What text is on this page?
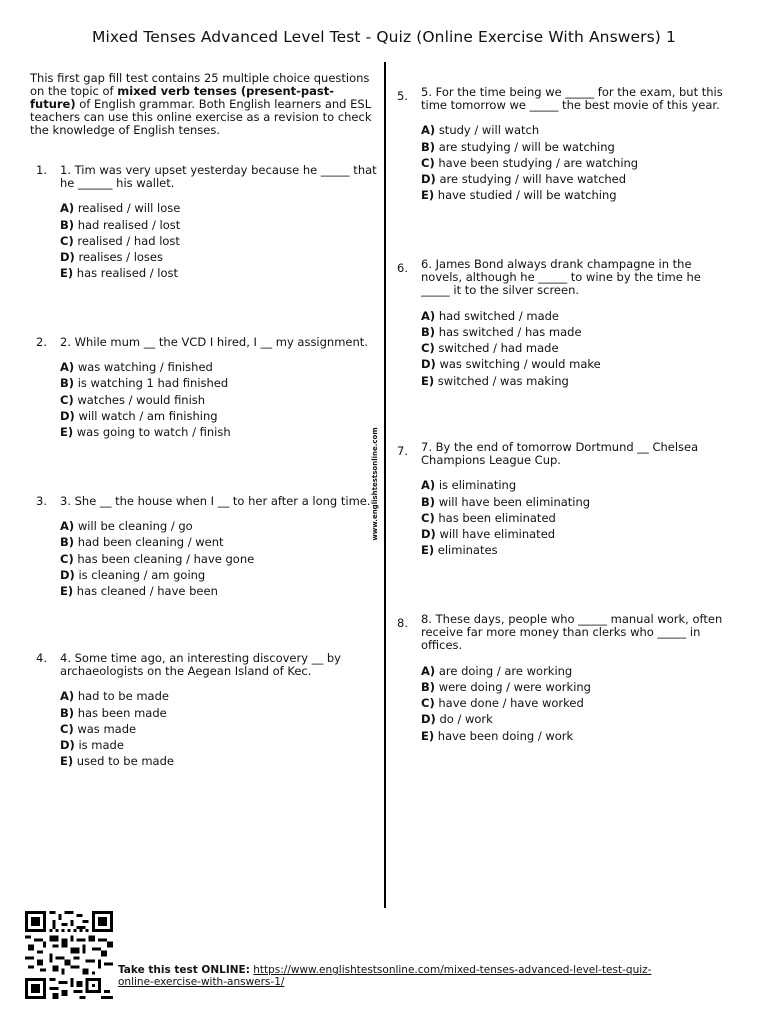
Mixed Tenses Advanced Level Test - Quiz (Online Exercise With Answers) 1
This first gap fill test contains 25 multiple choice questions on the topic of mixed verb tenses (present-past-future) of English grammar. Both English learners and ESL teachers can use this online exercise as a revision to check the knowledge of English tenses.
www.englishtestsonline.com
1. 1. Tim was very upset yesterday because he _____ that he ______ his wallet.
A) realised / will lose
B) had realised / lost
C) realised / had lost
D) realises / loses
E) has realised / lost
2. 2. While mum __ the VCD I hired, I __ my assignment.
A) was watching / finished
B) is watching 1 had finished
C) watches / would finish
D) will watch / am finishing
E) was going to watch / finish
3. 3. She __ the house when I __ to her after a long time.
A) will be cleaning / go
B) had been cleaning / went
C) has been cleaning / have gone
D) is cleaning / am going
E) has cleaned / have been
4. 4. Some time ago, an interesting discovery __ by archaeologists on the Aegean Island of Kec.
A) had to be made
B) has been made
C) was made
D) is made
E) used to be made
5. 5. For the time being we _____ for the exam, but this time tomorrow we _____ the best movie of this year.
A) study / will watch
B) are studying / will be watching
C) have been studying / are watching
D) are studying / will have watched
E) have studied / will be watching
6. 6. James Bond always drank champagne in the novels, although he _____ to wine by the time he _____ it to the silver screen.
A) had switched / made
B) has switched / has made
C) switched / had made
D) was switching / would make
E) switched / was making
7. 7. By the end of tomorrow Dortmund __ Chelsea Champions League Cup.
A) is eliminating
B) will have been eliminating
C) has been eliminated
D) will have eliminated
E) eliminates
8. 8. These days, people who _____ manual work, often receive far more money than clerks who _____ in offices.
A) are doing / are working
B) were doing / were working
C) have done / have worked
D) do / work
E) have been doing / work
Take this test ONLINE: https://www.englishtestsonline.com/mixed-tenses-advanced-level-test-quiz-online-exercise-with-answers-1/
